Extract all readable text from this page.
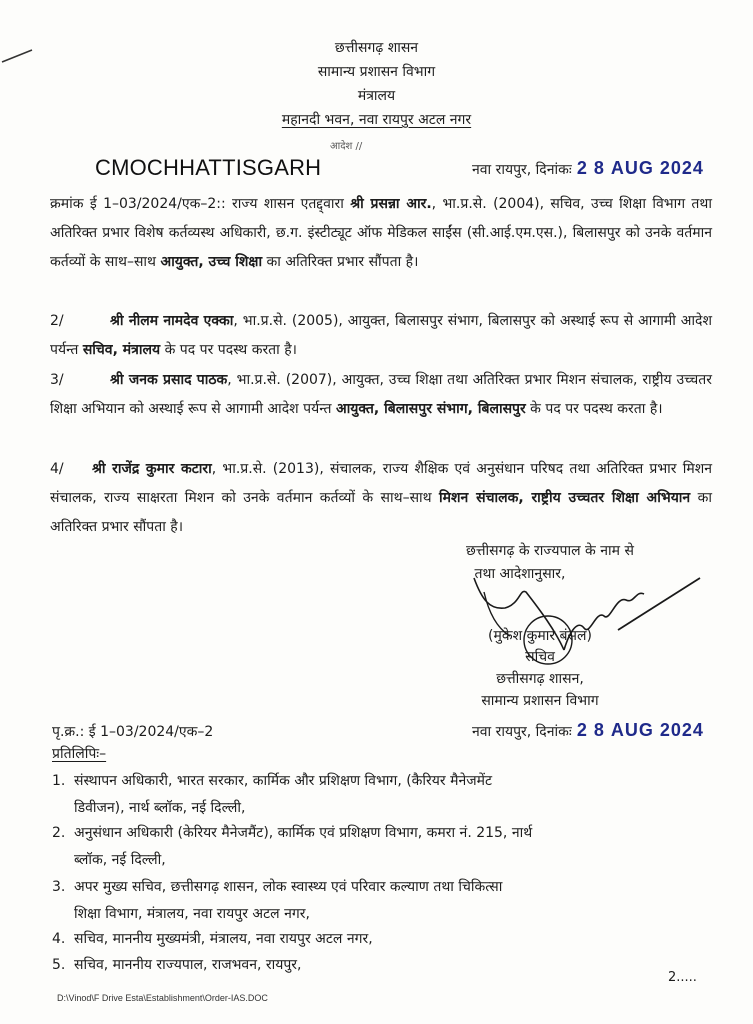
छत्तीसगढ़ शासन
सामान्य प्रशासन विभाग
मंत्रालय
महानदी भवन, नवा रायपुर अटल नगर
आदेश //
CMOCHHATTISGARH	नवा रायपुर, दिनांकः 2 8 AUG 2024
क्रमांक ई 1–03/2024/एक–2:: राज्य शासन एतद्द्वारा श्री प्रसन्ना आर., भा.प्र.से. (2004), सचिव, उच्च शिक्षा विभाग तथा अतिरिक्त प्रभार विशेष कर्तव्यस्थ अधिकारी, छ.ग. इंस्टीट्यूट ऑफ मेडिकल साईंस (सी.आई.एम.एस.), बिलासपुर को उनके वर्तमान कर्तव्यों के साथ–साथ आयुक्त, उच्च शिक्षा का अतिरिक्त प्रभार सौंपता है।
2/	श्री नीलम नामदेव एक्का, भा.प्र.से. (2005), आयुक्त, बिलासपुर संभाग, बिलासपुर को अस्थाई रूप से आगामी आदेश पर्यन्त सचिव, मंत्रालय के पद पर पदस्थ करता है।
3/	श्री जनक प्रसाद पाठक, भा.प्र.से. (2007), आयुक्त, उच्च शिक्षा तथा अतिरिक्त प्रभार मिशन संचालक, राष्ट्रीय उच्चतर शिक्षा अभियान को अस्थाई रूप से आगामी आदेश पर्यन्त आयुक्त, बिलासपुर संभाग, बिलासपुर के पद पर पदस्थ करता है।
4/ श्री राजेंद्र कुमार कटारा, भा.प्र.से. (2013), संचालक, राज्य शैक्षिक एवं अनुसंधान परिषद तथा अतिरिक्त प्रभार मिशन संचालक, राज्य साक्षरता मिशन को उनके वर्तमान कर्तव्यों के साथ–साथ मिशन संचालक, राष्ट्रीय उच्चतर शिक्षा अभियान का अतिरिक्त प्रभार सौंपता है।
छत्तीसगढ़ के राज्यपाल के नाम से
तथा आदेशानुसार,
(मुकेश कुमार बंसल)
सचिव
छत्तीसगढ़ शासन,
सामान्य प्रशासन विभाग
पृ.क्र.: ई 1–03/2024/एक–2	नवा रायपुर, दिनांकः 2 8 AUG 2024
प्रतिलिपिः–
1. संस्थापन अधिकारी, भारत सरकार, कार्मिक और प्रशिक्षण विभाग, (कैरियर मैनेजमेंट
डिवीजन), नार्थ ब्लॉक, नई दिल्ली,
2. अनुसंधान अधिकारी (केरियर मैनेजमैंट), कार्मिक एवं प्रशिक्षण विभाग, कमरा नं. 215, नार्थ
ब्लॉक, नई दिल्ली,
3. अपर मुख्य सचिव, छत्तीसगढ़ शासन, लोक स्वास्थ्य एवं परिवार कल्याण तथा चिकित्सा
शिक्षा विभाग, मंत्रालय, नवा रायपुर अटल नगर,
4. सचिव, माननीय मुख्यमंत्री, मंत्रालय, नवा रायपुर अटल नगर,
5. सचिव, माननीय राज्यपाल, राजभवन, रायपुर,
2.....
D:\Vinod\F Drive Esta\Establishment\Order-IAS.DOC
